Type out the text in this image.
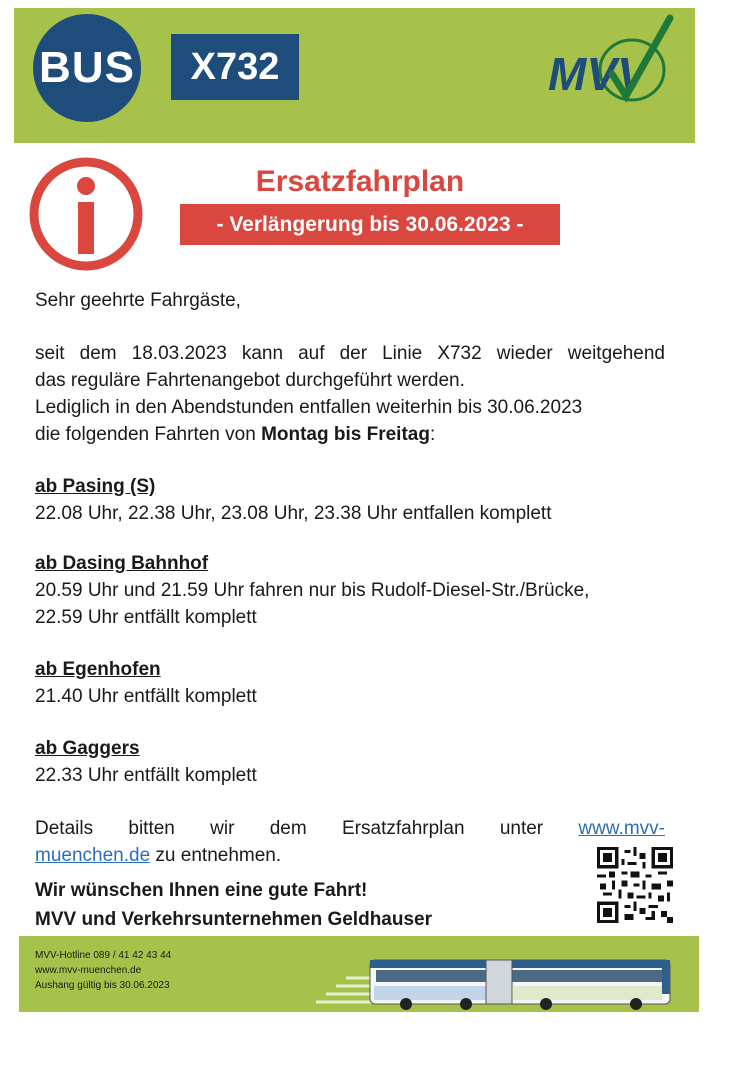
BUS	X732	MVV
Ersatzfahrplan
- Verlängerung bis 30.06.2023 -
Sehr geehrte Fahrgäste,
seit dem 18.03.2023 kann auf der Linie X732 wieder weitgehend
das reguläre Fahrtenangebot durchgeführt werden.
Lediglich in den Abendstunden entfallen weiterhin bis 30.06.2023
die folgenden Fahrten von Montag bis Freitag:
ab Pasing (S)
22.08 Uhr, 22.38 Uhr, 23.08 Uhr, 23.38 Uhr entfallen komplett
ab Dasing Bahnhof
20.59 Uhr und 21.59 Uhr fahren nur bis Rudolf-Diesel-Str./Brücke,
22.59 Uhr entfällt komplett
ab Egenhofen
21.40 Uhr entfällt komplett
ab Gaggers
22.33 Uhr entfällt komplett
Details bitten wir dem Ersatzfahrplan unter www.mvv-
muenchen.de zu entnehmen.
Wir wünschen Ihnen eine gute Fahrt!
MVV und Verkehrsunternehmen Geldhauser
MVV-Hotline 089 / 41 42 43 44
www.mvv-muenchen.de
Aushang gültig bis 30.06.2023
